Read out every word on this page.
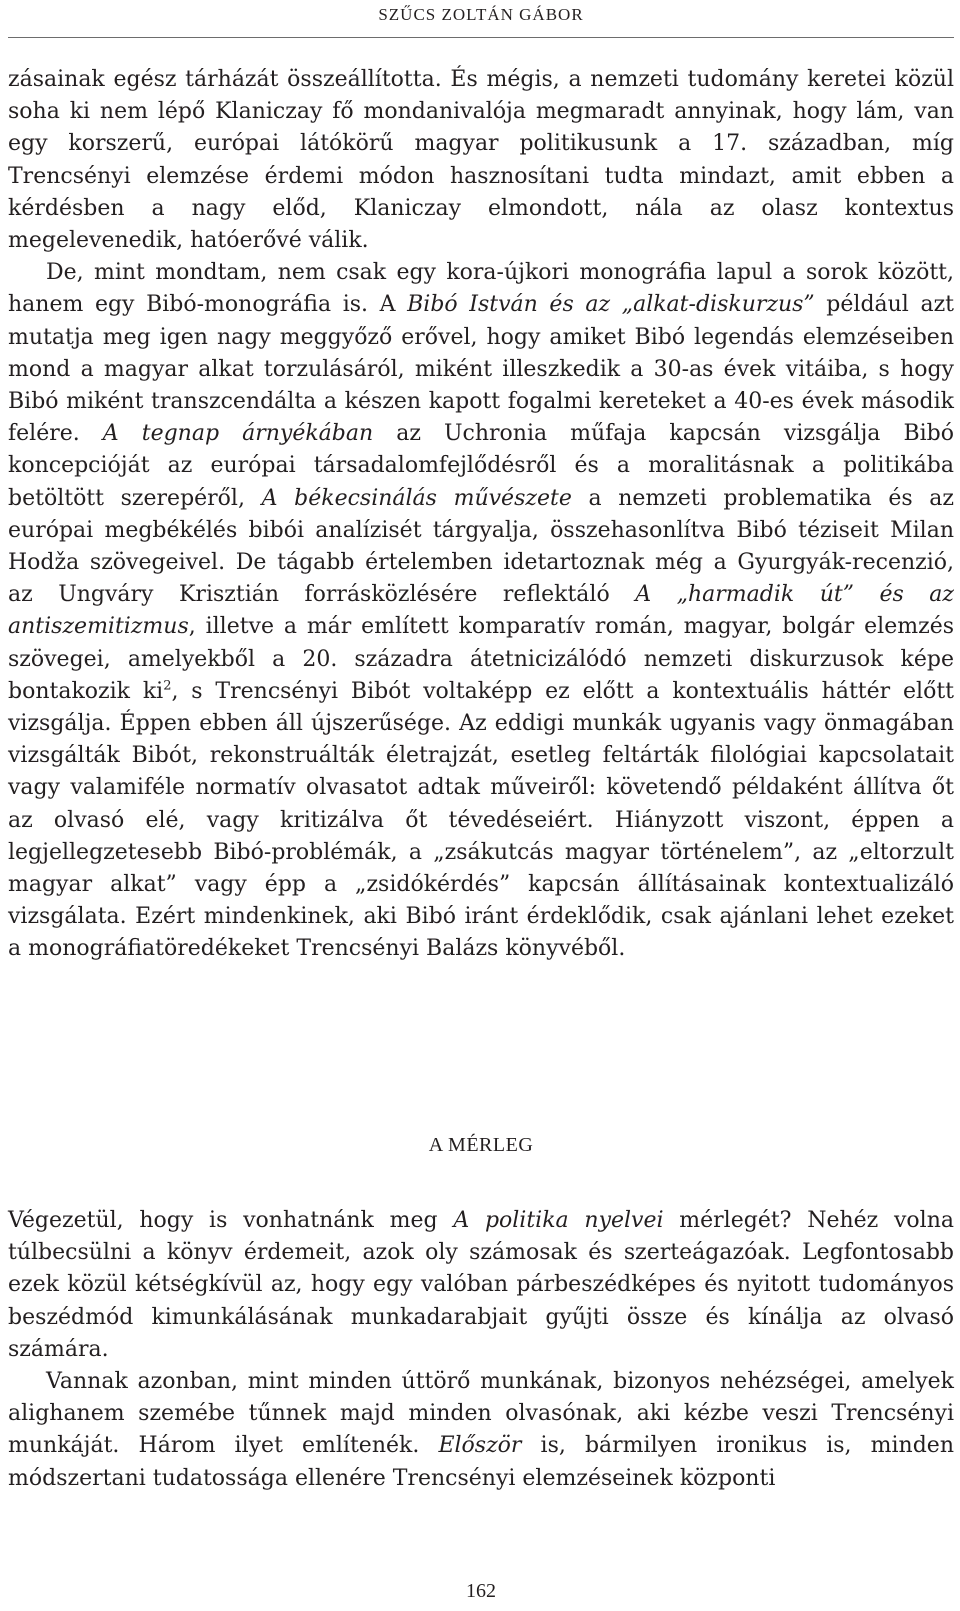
SZŰCS ZOLTÁN GÁBOR

zásainak egész tárházát összeállította. És mégis, a nemzeti tudomány keretei közül soha ki nem lépő Klaniczay fő mondanivalója megmaradt annyinak, hogy lám, van egy korszerű, európai látókörű magyar politikusunk a 17. században, míg Trencsényi elemzése érdemi módon hasznosítani tudta mindazt, amit ebben a kérdésben a nagy előd, Klaniczay elmondott, nála az olasz kontextus megelevenedik, hatóerővé válik.

De, mint mondtam, nem csak egy kora-újkori monográfia lapul a sorok között, hanem egy Bibó-monográfia is. A Bibó István és az „alkat-diskurzus” például azt mutatja meg igen nagy meggyőző erővel, hogy amiket Bibó legendás elemzéseiben mond a magyar alkat torzulásáról, miként illeszkedik a 30-as évek vitáiba, s hogy Bibó miként transzcendálta a készen kapott fogalmi kereteket a 40-es évek második felére. A tegnap árnyékában az Uchronia műfaja kapcsán vizsgálja Bibó koncepcióját az európai társadalomfejlődésről és a moralitásnak a politikába betöltött szerepéről, A békecsinálás művészete a nemzeti problematika és az európai megbékélés bibói analízisét tárgyalja, összehasonlítva Bibó téziseit Milan Hodža szövegeivel. De tágabb értelemben idetartoznak még a Gyurgyák-recenzió, az Ungváry Krisztián forrásközlésére reflektáló A „harmadik út” és az antiszemitizmus, illetve a már említett komparatív román, magyar, bolgár elemzés szövegei, amelyekből a 20. századra átetnicizálódó nemzeti diskurzusok képe bontakozik $ki^2$, s Trencsényi Bibót voltaképp ez előtt a kontextuális háttér előtt vizsgálja. Éppen ebben áll újszerűsége. Az eddigi munkák ugyanis vagy önmagában vizsgálták Bibót, rekonstruálták életrajzát, esetleg feltárták filológiai kapcsolatait vagy valamiféle normatív olvasatot adtak műveiről: követendő példaként állítva őt az olvasó elé, vagy kritizálva őt tévedéseiért. Hiányzott viszont, éppen a legjellegzetesebb Bibó-problémák, a „zsákutcás magyar történelem”, az „eltorzult magyar alkat” vagy épp a „zsidókérdés” kapcsán állításainak kontextualizáló vizsgálata. Ezért mindenkinek, aki Bibó iránt érdeklődik, csak ajánlani lehet ezeket a monográfiatöredékeket Trencsényi Balázs könyvéből.

A MÉRLEG

Végezetül, hogy is vonhatnánk meg A politika nyelvei mérlegét? Nehéz volna túlbecsülni a könyv érdemeit, azok oly számosak és szerteágazóak. Legfontosabb ezek közül kétségkívül az, hogy egy valóban párbeszédképes és nyitott tudományos beszédmód kimunkálásának munkadarabjait gyűjti össze és kínálja az olvasó számára.

Vannak azonban, mint minden úttörő munkának, bizonyos nehézségei, amelyek alighanem szemébe tűnnek majd minden olvasónak, aki kézbe veszi Trencsényi munkáját. Három ilyet említenék. Először is, bármilyen ironikus is, minden módszertani tudatossága ellenére Trencsényi elemzéseinek központi

162
